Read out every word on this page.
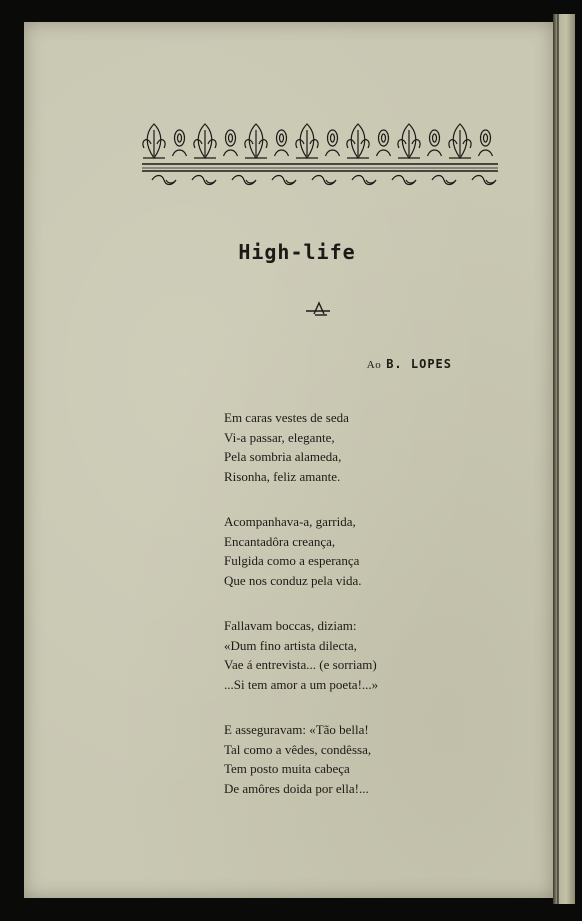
High-life
Ao B. LOPES
Em caras vestes de seda
Vi-a passar, elegante,
Pela sombria alameda,
Risonha, feliz amante.
Acompanhava-a, garrida,
Encantadôra creança,
Fulgida como a esperança
Que nos conduz pela vida.
Fallavam boccas, diziam:
«Dum fino artista dilecta,
Vae á entrevista... (e sorriam)
...Si tem amor a um poeta!...»
E asseguravam: «Tão bella!
Tal como a vêdes, condêssa,
Tem posto muita cabeça
De amôres doida por ella!...
